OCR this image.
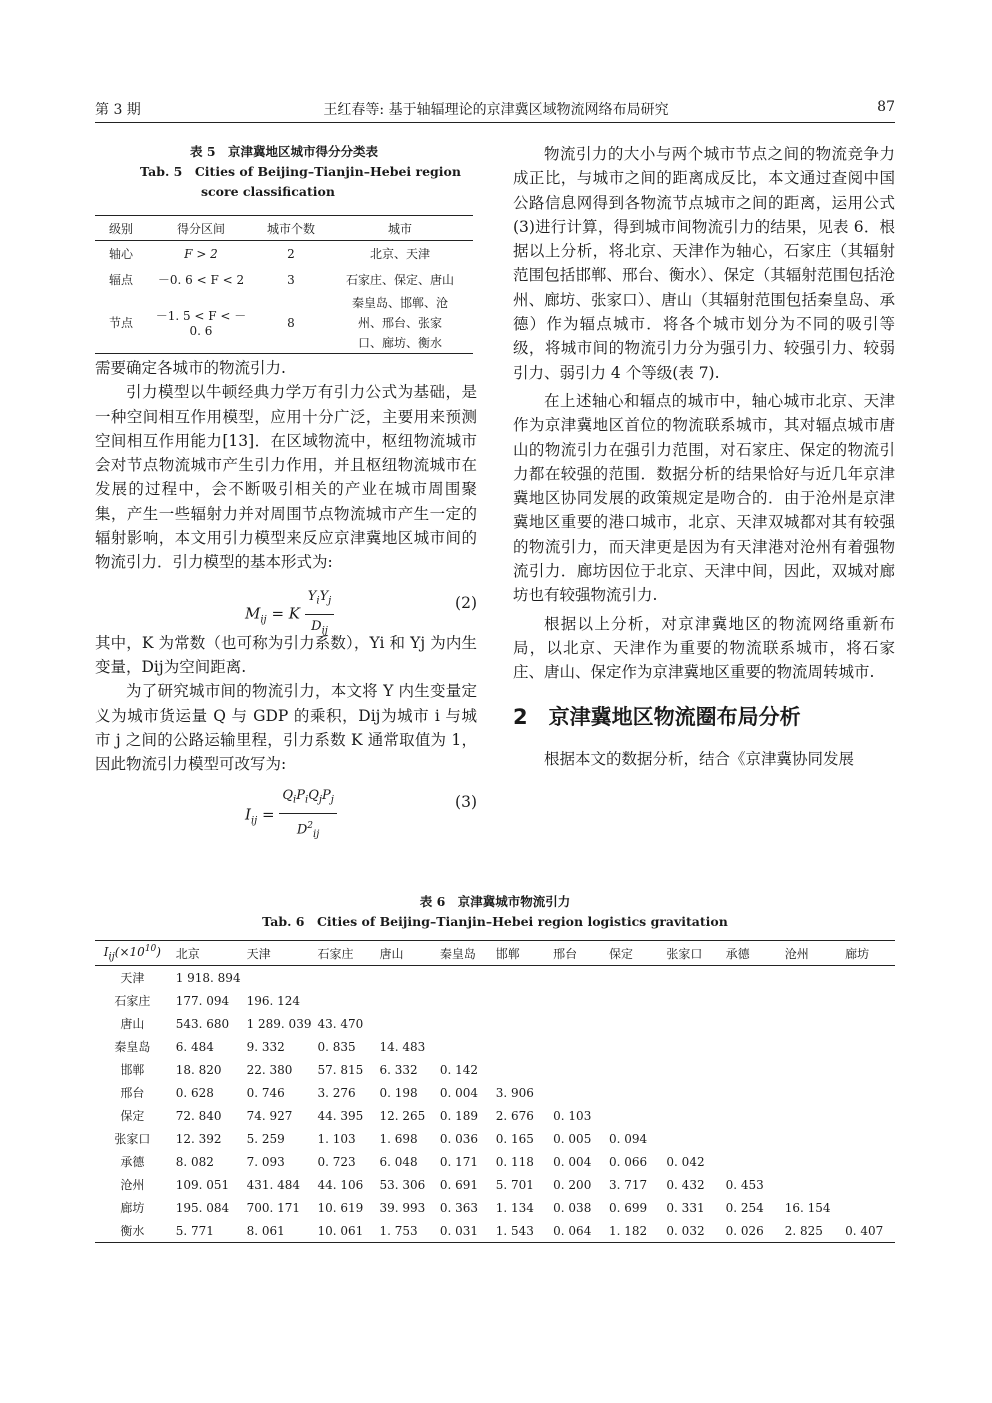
第 3 期	王红春等: 基于轴辐理论的京津冀区域物流网络布局研究	87
表 5　京津冀地区城市得分分类表
Tab. 5　Cities of Beijing–Tianjin–Hebei region
score classification
级别	得分区间	城市个数	城市
轴心	F > 2	2	北京、天津
辐点	－0. 6 < F < 2	3	石家庄、保定、唐山
节点	－1. 5 < F < －0. 6	8	秦皇岛、邯郸、沧州、邢台、张家口、廊坊、衡水

需要确定各城市的物流引力.

引力模型以牛顿经典力学万有引力公式为基础，是一种空间相互作用模型，应用十分广泛，主要用来预测空间相互作用能力[13]．在区域物流中，枢纽物流城市会对节点物流城市产生引力作用，并且枢纽物流城市在发展的过程中，会不断吸引相关的产业在城市周围聚集，产生一些辐射力并对周围节点物流城市产生一定的辐射影响，本文用引力模型来反应京津冀地区城市间的物流引力．引力模型的基本形式为:

$M_{ij} = K \frac{Y_iY_j}{D_{ij}}$	(2)

其中，K 为常数（也可称为引力系数），Yi 和 Yj 为内生变量，Dij为空间距离.

为了研究城市间的物流引力，本文将 Y 内生变量定义为城市货运量 Q 与 GDP 的乘积，Dij为城市 i 与城市 j 之间的公路运输里程，引力系数 K 通常取值为 1，因此物流引力模型可改写为:

$I_{ij} = \frac{Q_iP_iQ_jP_j}{D^2_{ij}}$	(3)

物流引力的大小与两个城市节点之间的物流竞争力成正比，与城市之间的距离成反比，本文通过查阅中国公路信息网得到各物流节点城市之间的距离，运用公式(3)进行计算，得到城市间物流引力的结果，见表 6．根据以上分析，将北京、天津作为轴心，石家庄（其辐射范围包括邯郸、邢台、衡水）、保定（其辐射范围包括沧州、廊坊、张家口）、唐山（其辐射范围包括秦皇岛、承德）作为辐点城市．将各个城市划分为不同的吸引等级，将城市间的物流引力分为强引力、较强引力、较弱引力、弱引力 4 个等级(表 7).

在上述轴心和辐点的城市中，轴心城市北京、天津作为京津冀地区首位的物流联系城市，其对辐点城市唐山的物流引力在强引力范围，对石家庄、保定的物流引力都在较强的范围．数据分析的结果恰好与近几年京津冀地区协同发展的政策规定是吻合的．由于沧州是京津冀地区重要的港口城市，北京、天津双城都对其有较强的物流引力，而天津更是因为有天津港对沧州有着强物流引力．廊坊因位于北京、天津中间，因此，双城对廊坊也有较强物流引力.

根据以上分析，对京津冀地区的物流网络重新布局，以北京、天津作为重要的物流联系城市，将石家庄、唐山、保定作为京津冀地区重要的物流周转城市.

2　京津冀地区物流圈布局分析

根据本文的数据分析，结合《京津冀协同发展

表 6　京津冀城市物流引力
Tab. 6　Cities of Beijing–Tianjin–Hebei region logistics gravitation
$I_{ij}(\times 10^{10})$	北京	天津	石家庄	唐山	秦皇岛	邯郸	邢台	保定	张家口	承德	沧州	廊坊
天津	1 918. 894											
石家庄	177. 094	196. 124										
唐山	543. 680	1 289. 039	43. 470									
秦皇岛	6. 484	9. 332	0. 835	14. 483								
邯郸	18. 820	22. 380	57. 815	6. 332	0. 142							
邢台	0. 628	0. 746	3. 276	0. 198	0. 004	3. 906						
保定	72. 840	74. 927	44. 395	12. 265	0. 189	2. 676	0. 103					
张家口	12. 392	5. 259	1. 103	1. 698	0. 036	0. 165	0. 005	0. 094				
承德	8. 082	7. 093	0. 723	6. 048	0. 171	0. 118	0. 004	0. 066	0. 042			
沧州	109. 051	431. 484	44. 106	53. 306	0. 691	5. 701	0. 200	3. 717	0. 432	0. 453		
廊坊	195. 084	700. 171	10. 619	39. 993	0. 363	1. 134	0. 038	0. 699	0. 331	0. 254	16. 154	
衡水	5. 771	8. 061	10. 061	1. 753	0. 031	1. 543	0. 064	1. 182	0. 032	0. 026	2. 825	0. 407
